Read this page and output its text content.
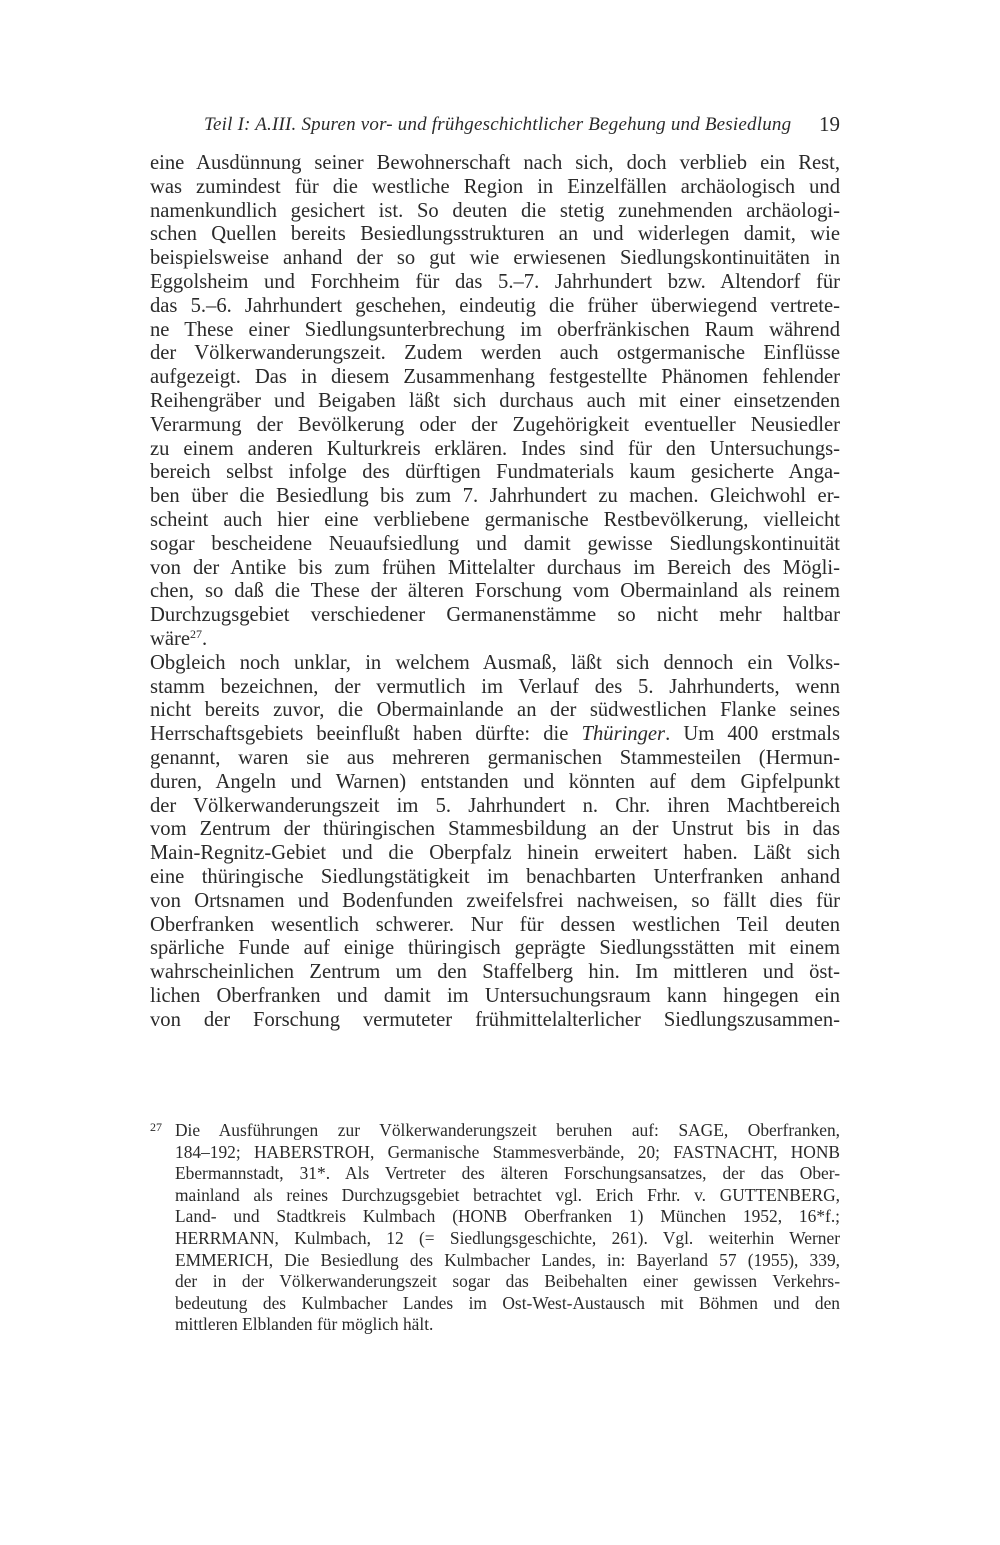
Teil I: A.III. Spuren vor- und frühgeschichtlicher Begehung und Besiedlung 19
eine Ausdünnung seiner Bewohnerschaft nach sich, doch verblieb ein Rest,
was zumindest für die westliche Region in Einzelfällen archäologisch und
namenkundlich gesichert ist. So deuten die stetig zunehmenden archäologi-
schen Quellen bereits Besiedlungsstrukturen an und widerlegen damit, wie
beispielsweise anhand der so gut wie erwiesenen Siedlungskontinuitäten in
Eggolsheim und Forchheim für das 5.–7. Jahrhundert bzw. Altendorf für
das 5.–6. Jahrhundert geschehen, eindeutig die früher überwiegend vertrete-
ne These einer Siedlungsunterbrechung im oberfränkischen Raum während
der Völkerwanderungszeit. Zudem werden auch ostgermanische Einflüsse
aufgezeigt. Das in diesem Zusammenhang festgestellte Phänomen fehlender
Reihengräber und Beigaben läßt sich durchaus auch mit einer einsetzenden
Verarmung der Bevölkerung oder der Zugehörigkeit eventueller Neusiedler
zu einem anderen Kulturkreis erklären. Indes sind für den Untersuchungs-
bereich selbst infolge des dürftigen Fundmaterials kaum gesicherte Anga-
ben über die Besiedlung bis zum 7. Jahrhundert zu machen. Gleichwohl er-
scheint auch hier eine verbliebene germanische Restbevölkerung, vielleicht
sogar bescheidene Neuaufsiedlung und damit gewisse Siedlungskontinuität
von der Antike bis zum frühen Mittelalter durchaus im Bereich des Mögli-
chen, so daß die These der älteren Forschung vom Obermainland als reinem
Durchzugsgebiet verschiedener Germanenstämme so nicht mehr haltbar
wäre$^{27}$.
Obgleich noch unklar, in welchem Ausmaß, läßt sich dennoch ein Volks-
stamm bezeichnen, der vermutlich im Verlauf des 5. Jahrhunderts, wenn
nicht bereits zuvor, die Obermainlande an der südwestlichen Flanke seines
Herrschaftsgebiets beeinflußt haben dürfte: die Thüringer. Um 400 erstmals
genannt, waren sie aus mehreren germanischen Stammesteilen (Hermun-
duren, Angeln und Warnen) entstanden und könnten auf dem Gipfelpunkt
der Völkerwanderungszeit im 5. Jahrhundert n. Chr. ihren Machtbereich
vom Zentrum der thüringischen Stammesbildung an der Unstrut bis in das
Main-Regnitz-Gebiet und die Oberpfalz hinein erweitert haben. Läßt sich
eine thüringische Siedlungstätigkeit im benachbarten Unterfranken anhand
von Ortsnamen und Bodenfunden zweifelsfrei nachweisen, so fällt dies für
Oberfranken wesentlich schwerer. Nur für dessen westlichen Teil deuten
spärliche Funde auf einige thüringisch geprägte Siedlungsstätten mit einem
wahrscheinlichen Zentrum um den Staffelberg hin. Im mittleren und öst-
lichen Oberfranken und damit im Untersuchungsraum kann hingegen ein
von der Forschung vermuteter frühmittelalterlicher Siedlungszusammen-
27 Die Ausführungen zur Völkerwanderungszeit beruhen auf: SAGE, Oberfranken,
184–192; HABERSTROH, Germanische Stammesverbände, 20; FASTNACHT, HONB
Ebermannstadt, 31*. Als Vertreter des älteren Forschungsansatzes, der das Ober-
mainland als reines Durchzugsgebiet betrachtet vgl. Erich Frhr. v. GUTTENBERG,
Land- und Stadtkreis Kulmbach (HONB Oberfranken 1) München 1952, 16*f.;
HERRMANN, Kulmbach, 12 (= Siedlungsgeschichte, 261). Vgl. weiterhin Werner
EMMERICH, Die Besiedlung des Kulmbacher Landes, in: Bayerland 57 (1955), 339,
der in der Völkerwanderungszeit sogar das Beibehalten einer gewissen Verkehrs-
bedeutung des Kulmbacher Landes im Ost-West-Austausch mit Böhmen und den
mittleren Elblanden für möglich hält.
